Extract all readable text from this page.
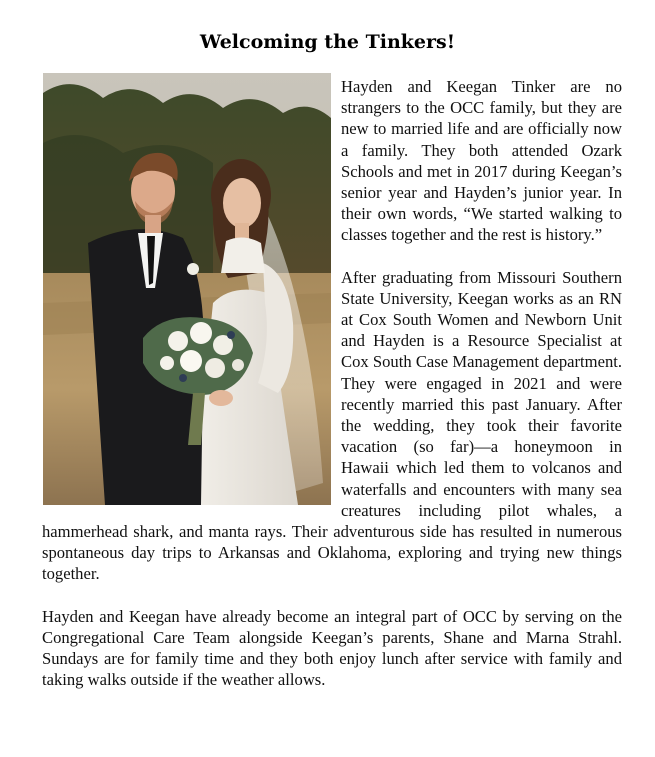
Welcoming the Tinkers!

Hayden and Keegan Tinker are no strangers to the OCC family, but they are new to married life and are officially now a family. They both attended Ozark Schools and met in 2017 during Keegan’s senior year and Hayden’s junior year. In their own words, “We started walking to classes together and the rest is history.”

After graduating from Missouri Southern State University, Keegan works as an RN at Cox South Women and Newborn Unit and Hayden is a Resource Specialist at Cox South Case Management department. They were engaged in 2021 and were recently married this past January. After the wedding, they took their favorite vacation (so far)—a honeymoon in Hawaii which led them to volcanos and waterfalls and encounters with many sea creatures including pilot whales, a hammerhead shark, and manta rays. Their adventurous side has resulted in numerous spontaneous day trips to Arkansas and Oklahoma, exploring and trying new things together.

Hayden and Keegan have already become an integral part of OCC by serving on the Congregational Care Team alongside Keegan’s parents, Shane and Marna Strahl. Sundays are for family time and they both enjoy lunch after service with family and taking walks outside if the weather allows.
